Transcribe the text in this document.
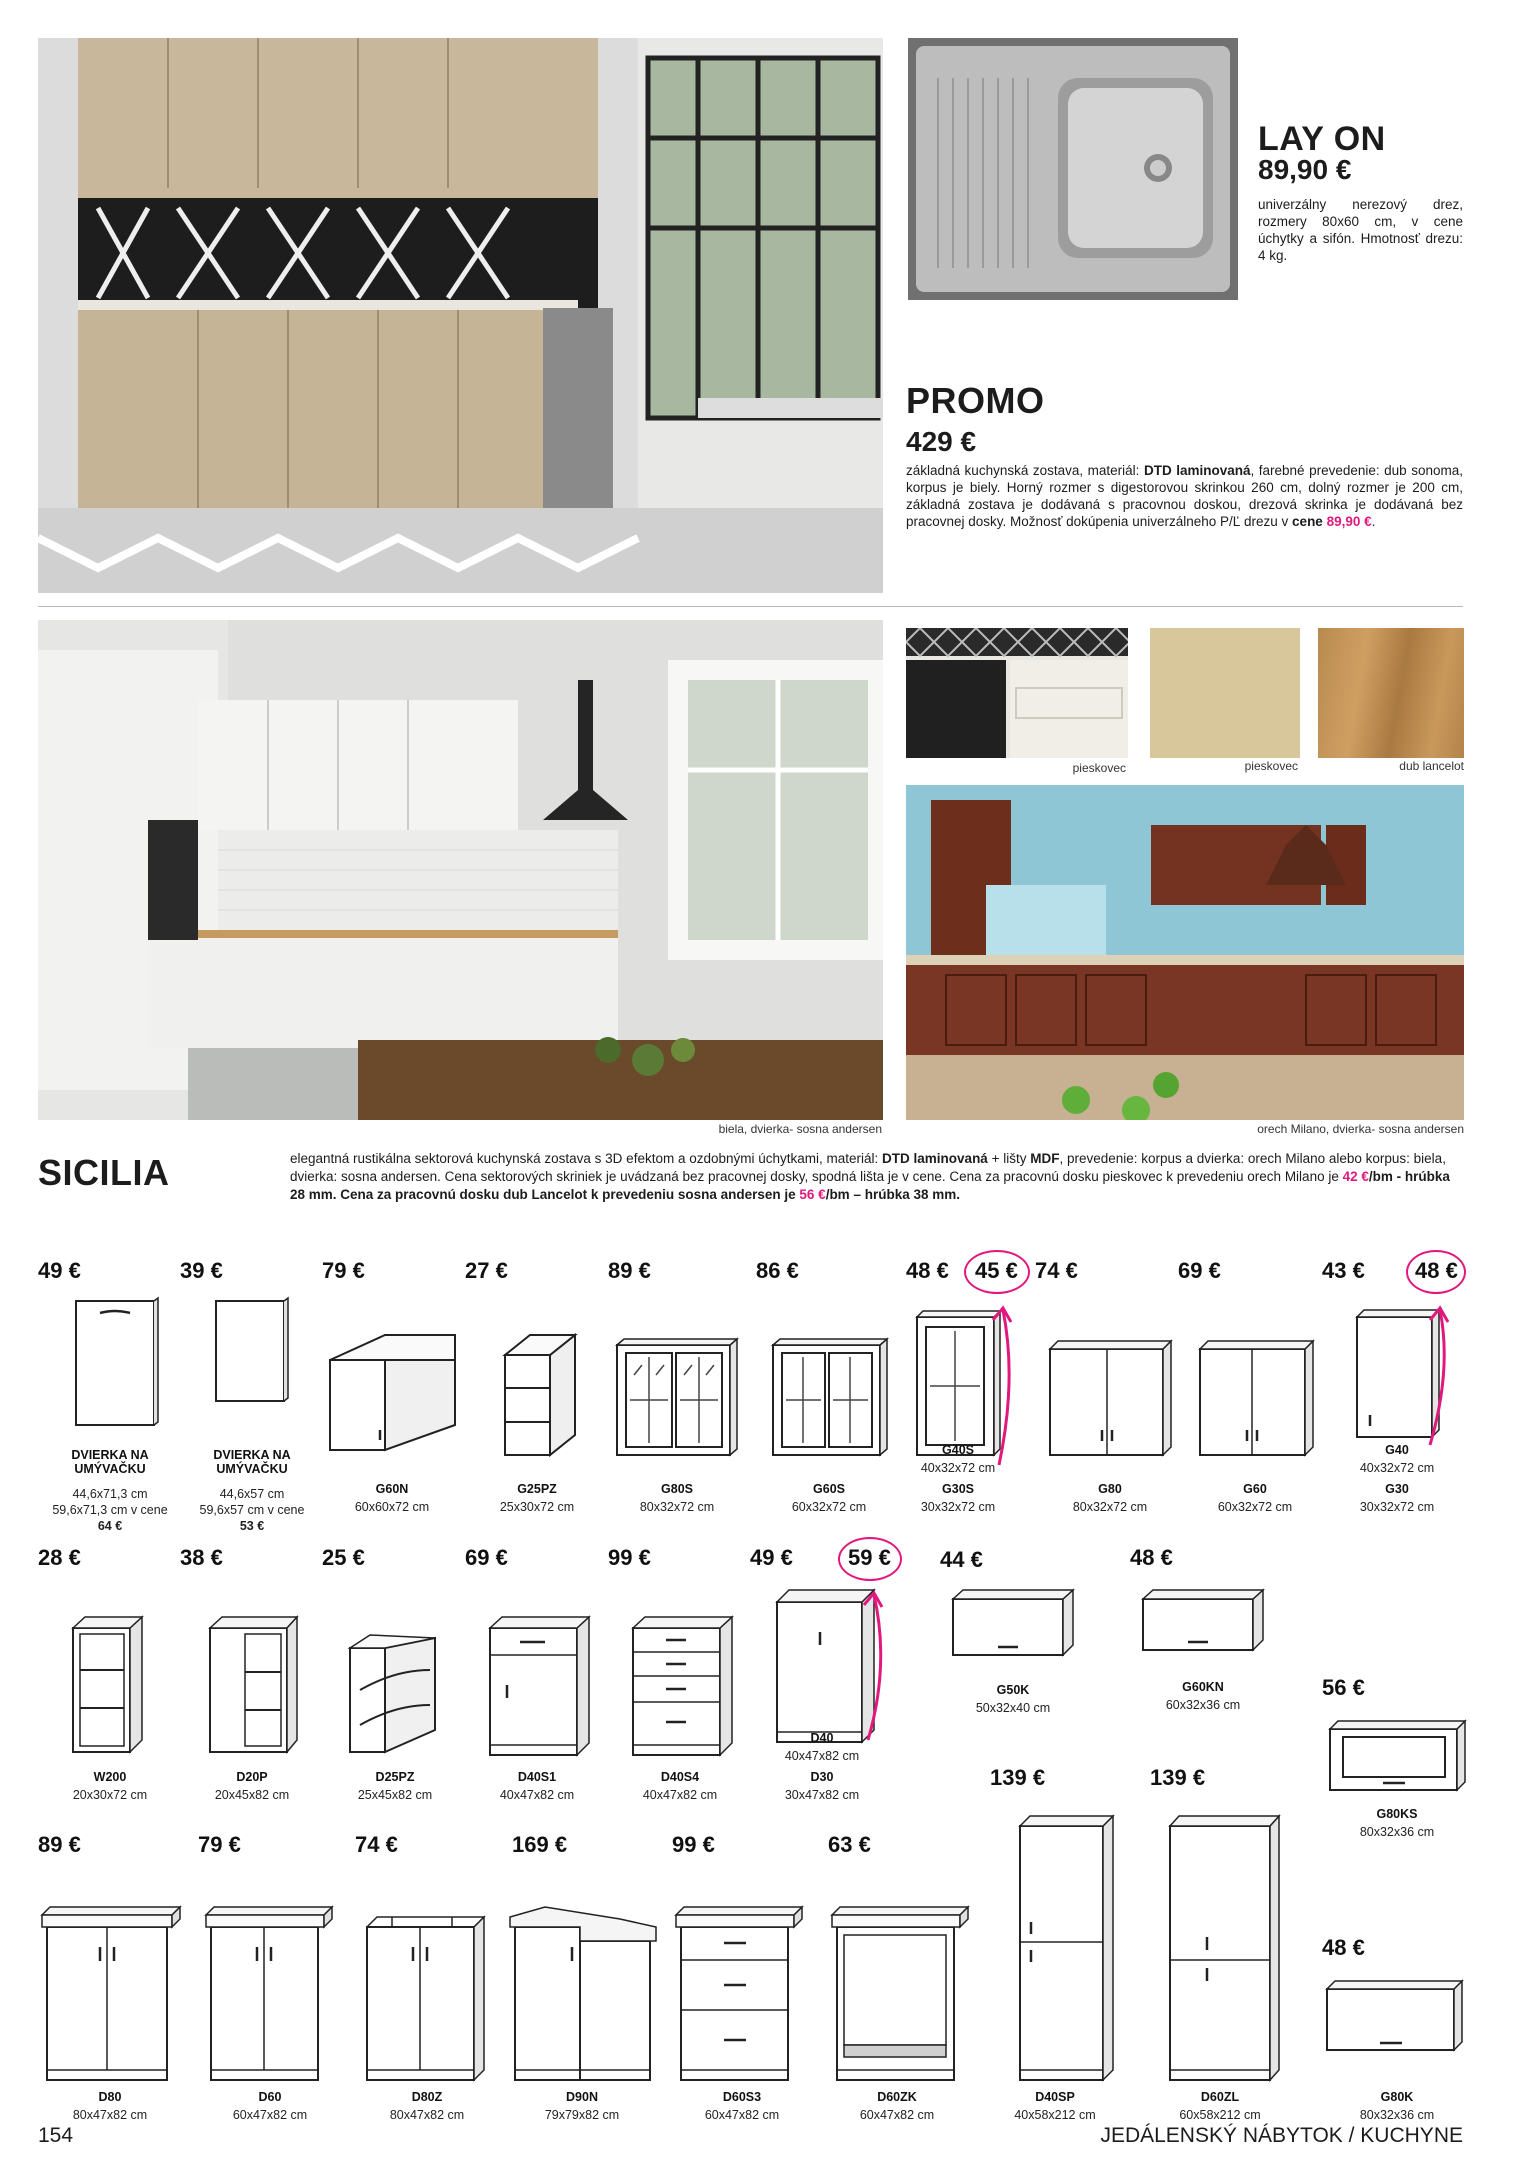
LAY ON
89,90 €
univerzálny nerezový drez, rozmery 80x60 cm, v cene úchytky a sifón. Hmotnosť drezu: 4 kg.
PROMO
429 €
základná kuchynská zostava, materiál: DTD laminovaná, farebné prevedenie: dub sonoma, korpus je biely. Horný rozmer s digestorovou skrinkou 260 cm, dolný rozmer je 200 cm, základná zostava je dodávaná s pracovnou doskou, drezová skrinka je dodávaná bez pracovnej dosky. Možnosť dokúpenia univerzálneho P/Ľ drezu v cene 89,90 €.
biela, dvierka- sosna andersen
pieskovec	pieskovec	dub lancelot
orech Milano, dvierka- sosna andersen
SICILIA	elegantná rustikálna sektorová kuchynská zostava s 3D efektom a ozdobnými úchytkami, materiál: DTD laminovaná + lišty MDF, prevedenie: korpus a dvierka: orech Milano alebo korpus: biela, dvierka: sosna andersen. Cena sektorových skriniek je uvádzaná bez pracovnej dosky, spodná lišta je v cene. Cena za pracovnú dosku pieskovec k prevedeniu orech Milano je 42 €/bm - hrúbka 28 mm. Cena za pracovnú dosku dub Lancelot k prevedeniu sosna andersen je 56 €/bm – hrúbka 38 mm.
49 €
DVIERKA NA UMÝVAČKU
44,6x71,3 cm
59,6x71,3 cm v cene
64 €
39 €
DVIERKA NA UMÝVAČKU
44,6x57 cm
59,6x57 cm v cene
53 €
79 €
G60N
60x60x72 cm
27 €
G25PZ
25x30x72 cm
89 €
G80S
80x32x72 cm
86 €
G60S
60x32x72 cm
48 € 45 €
G40S
40x32x72 cm
G30S
30x32x72 cm
74 €
G80
80x32x72 cm
69 €
G60
60x32x72 cm
43 € 48 €
G40
40x32x72 cm
G30
30x32x72 cm
28 €
W200
20x30x72 cm
38 €
D20P
20x45x82 cm
25 €
D25PZ
25x45x82 cm
69 €
D40S1
40x47x82 cm
99 €
D40S4
40x47x82 cm
49 €	59 €
D40
40x47x82 cm
D30
30x47x82 cm
44 €
G50K
50x32x40 cm
48 €
G60KN
60x32x36 cm
56 €
G80KS
80x32x36 cm
139 €
D40SP
40x58x212 cm
139 €
D60ZL
60x58x212 cm
48 €
G80K
80x32x36 cm
89 €
D80
80x47x82 cm
79 €
D60
60x47x82 cm
74 €
D80Z
80x47x82 cm
169 €
D90N
79x79x82 cm
99 €
D60S3
60x47x82 cm
63 €
D60ZK
60x47x82 cm
154	JEDÁLENSKÝ NÁBYTOK / KUCHYNE
